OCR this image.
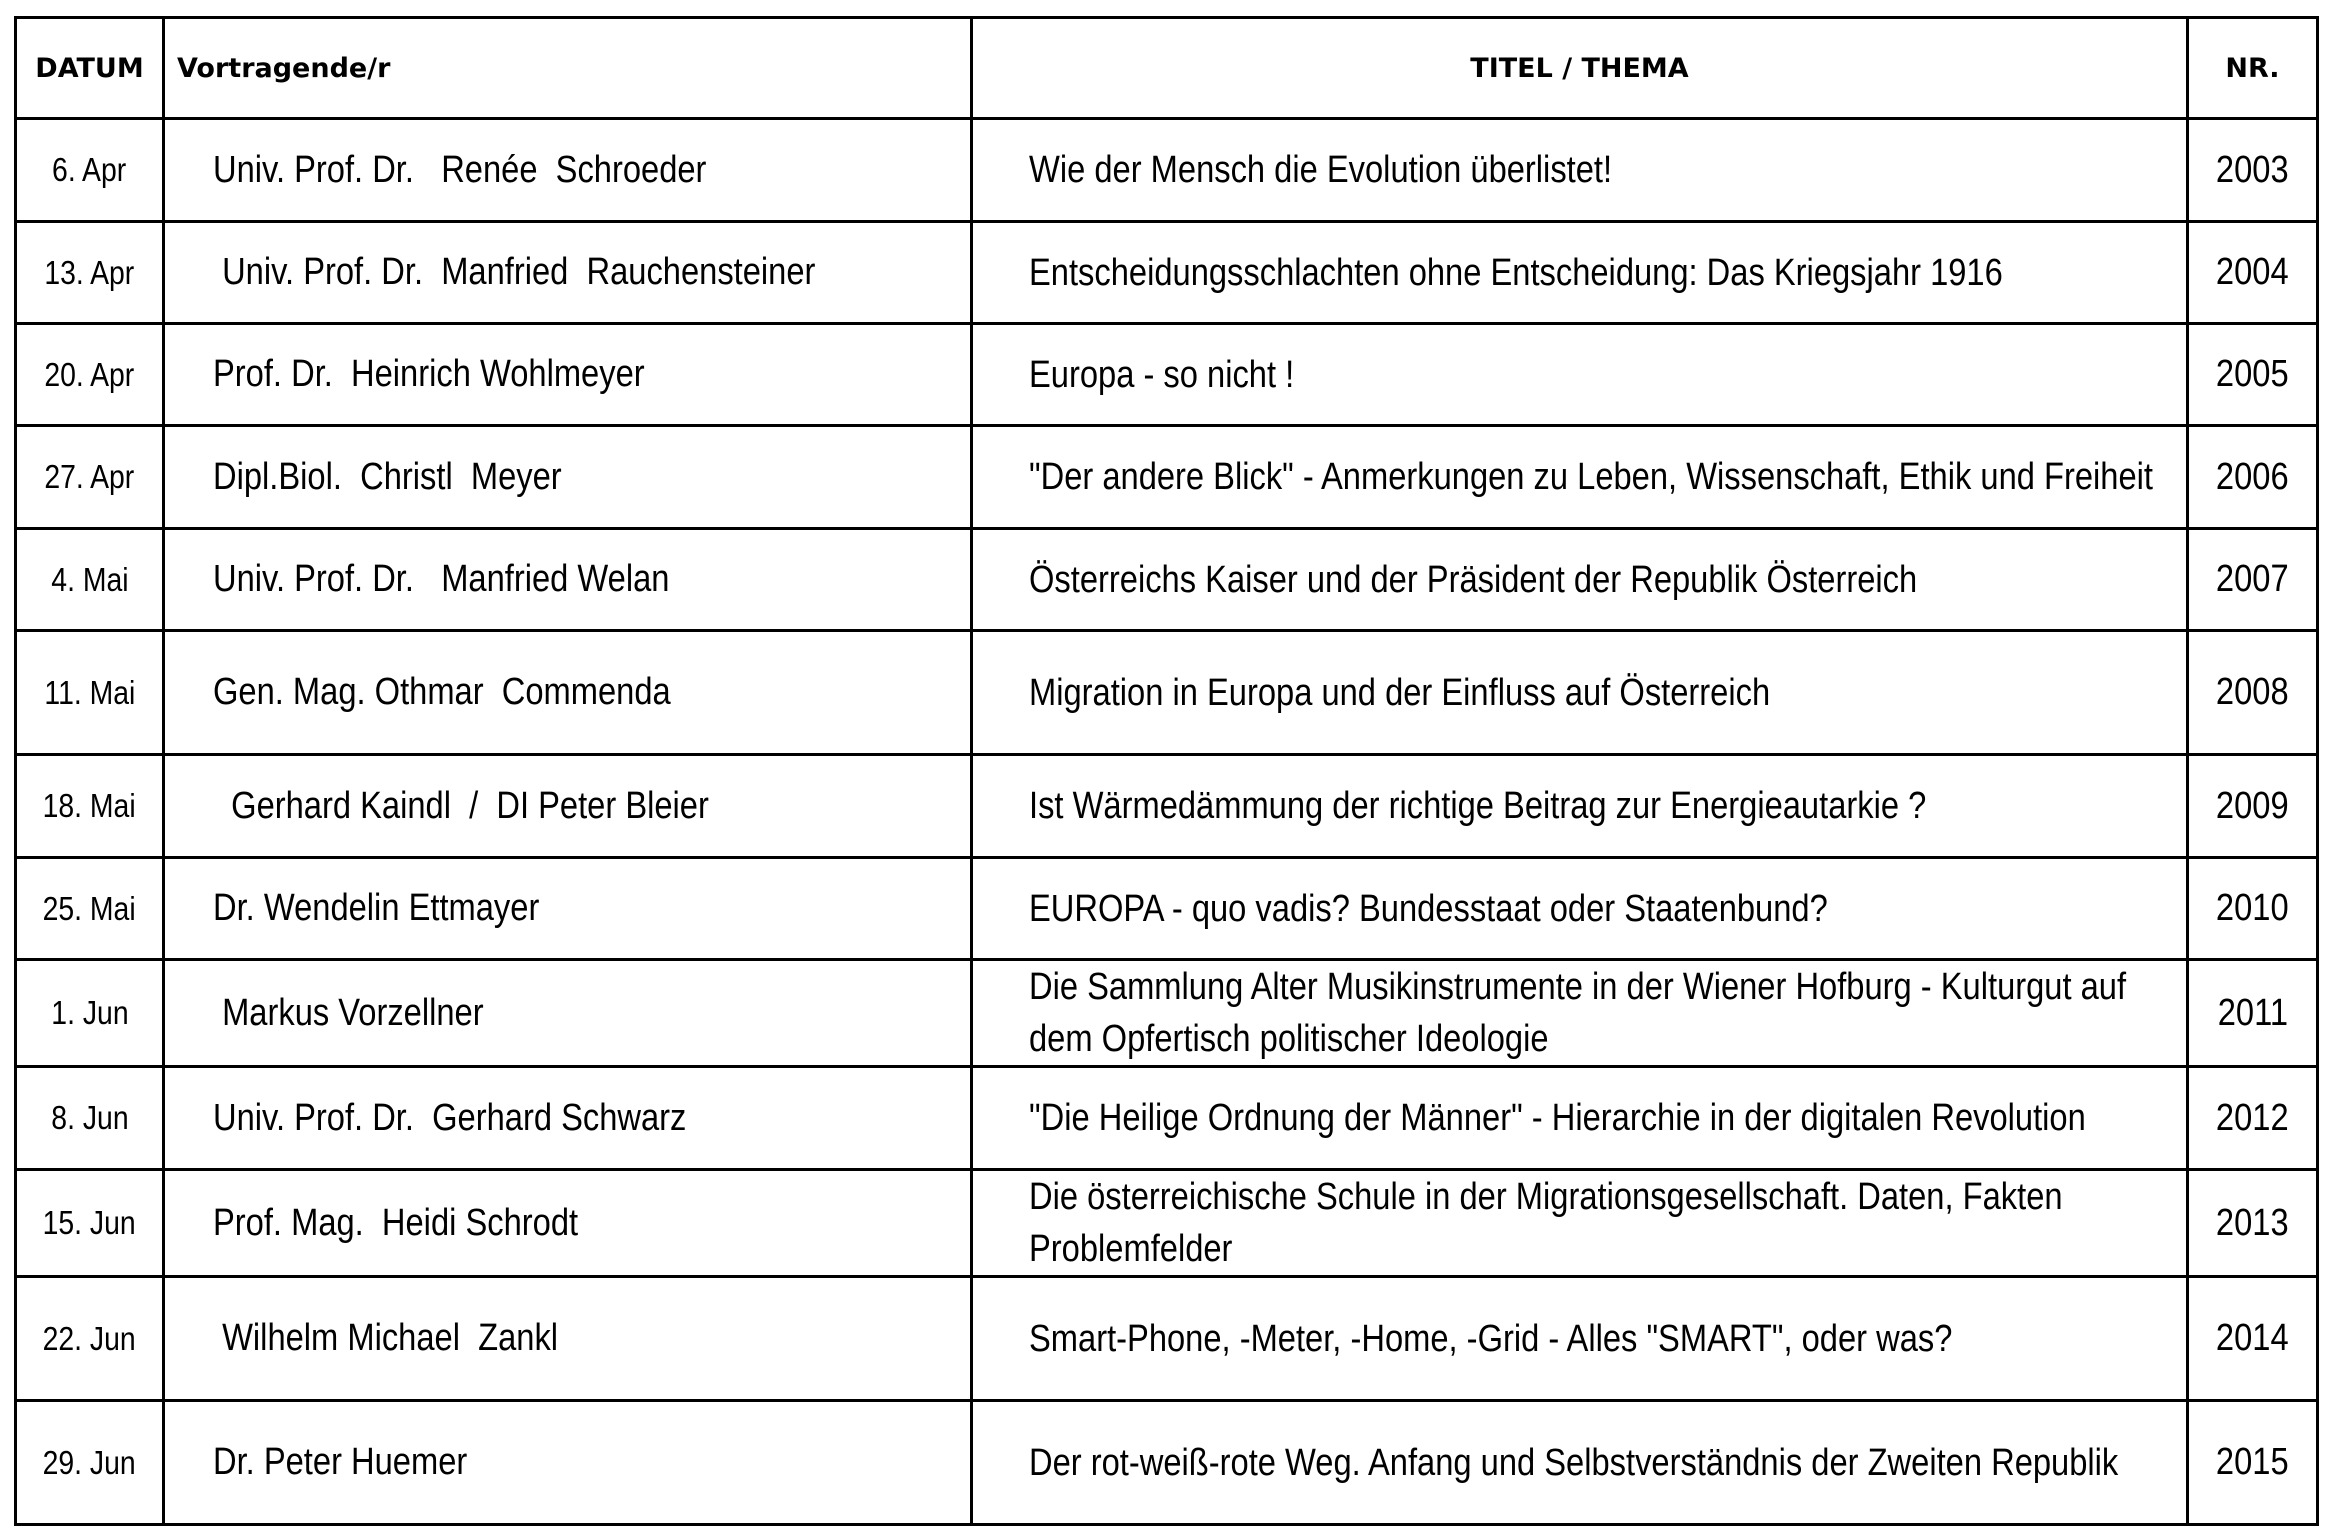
DATUM	Vortragende/r	TITEL / THEMA	NR.
6. Apr	Univ. Prof. Dr.   Renée  Schroeder	Wie der Mensch die Evolution überlistet!	2003
13. Apr	Univ. Prof. Dr.  Manfried  Rauchensteiner	Entscheidungsschlachten ohne Entscheidung: Das Kriegsjahr 1916	2004
20. Apr	Prof. Dr.  Heinrich Wohlmeyer	Europa - so nicht !	2005
27. Apr	Dipl.Biol.  Christl  Meyer	"Der andere Blick" - Anmerkungen zu Leben, Wissenschaft, Ethik und Freiheit	2006
4. Mai	Univ. Prof. Dr.   Manfried Welan	Österreichs Kaiser und der Präsident der Republik Österreich	2007
11. Mai	Gen. Mag. Othmar  Commenda	Migration in Europa und der Einfluss auf Österreich	2008
18. Mai	Gerhard Kaindl  /  DI Peter Bleier	Ist Wärmedämmung der richtige Beitrag zur Energieautarkie ?	2009
25. Mai	Dr. Wendelin Ettmayer	EUROPA - quo vadis? Bundesstaat oder Staatenbund?	2010
1. Jun	Markus Vorzellner	Die Sammlung Alter Musikinstrumente in der Wiener Hofburg - Kulturgut auf dem Opfertisch politischer Ideologie	2011
8. Jun	Univ. Prof. Dr.  Gerhard Schwarz	"Die Heilige Ordnung der Männer" - Hierarchie in der digitalen Revolution	2012
15. Jun	Prof. Mag.  Heidi Schrodt	Die österreichische Schule in der Migrationsgesellschaft. Daten, Fakten Problemfelder	2013
22. Jun	Wilhelm Michael  Zankl	Smart-Phone, -Meter, -Home, -Grid - Alles "SMART", oder was?	2014
29. Jun	Dr. Peter Huemer	Der rot-weiß-rote Weg. Anfang und Selbstverständnis der Zweiten Republik	2015
